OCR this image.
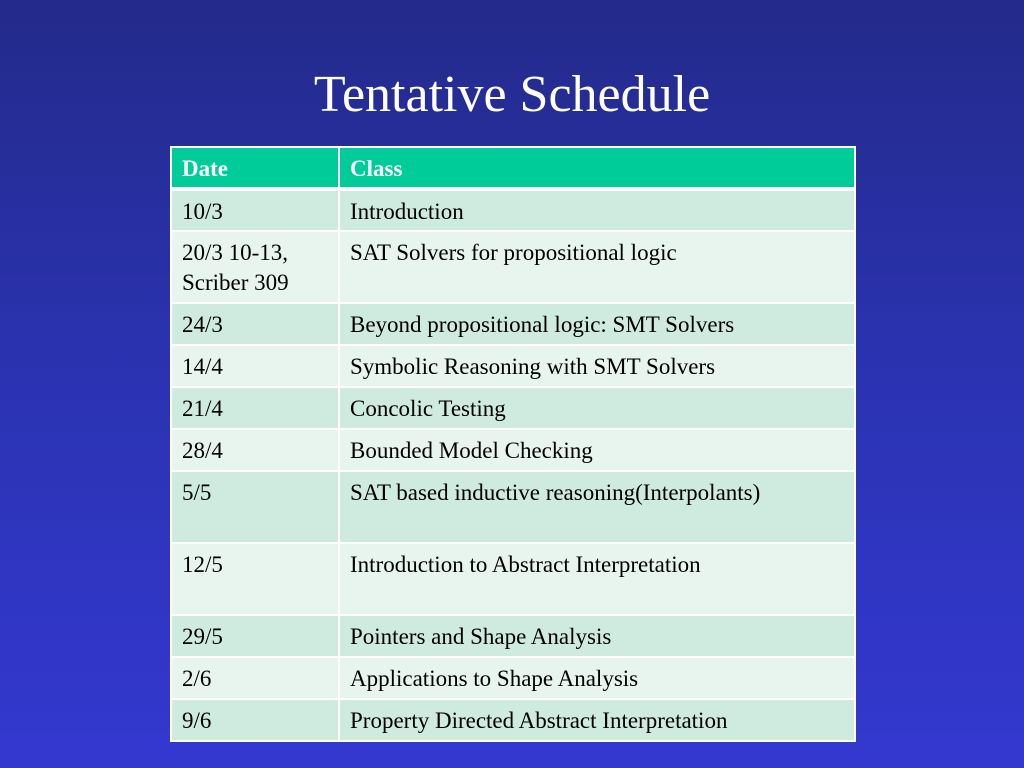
Tentative Schedule
Date	Class
10/3	Introduction
20/3 10-13,
Scriber 309	SAT Solvers for propositional logic
24/3	Beyond propositional logic: SMT Solvers
14/4	Symbolic Reasoning with SMT Solvers
21/4	Concolic Testing
28/4	Bounded Model Checking
5/5	SAT based inductive reasoning(Interpolants)
12/5	Introduction to Abstract Interpretation
29/5	Pointers and Shape Analysis
2/6	Applications to Shape Analysis
9/6	Property Directed Abstract Interpretation
